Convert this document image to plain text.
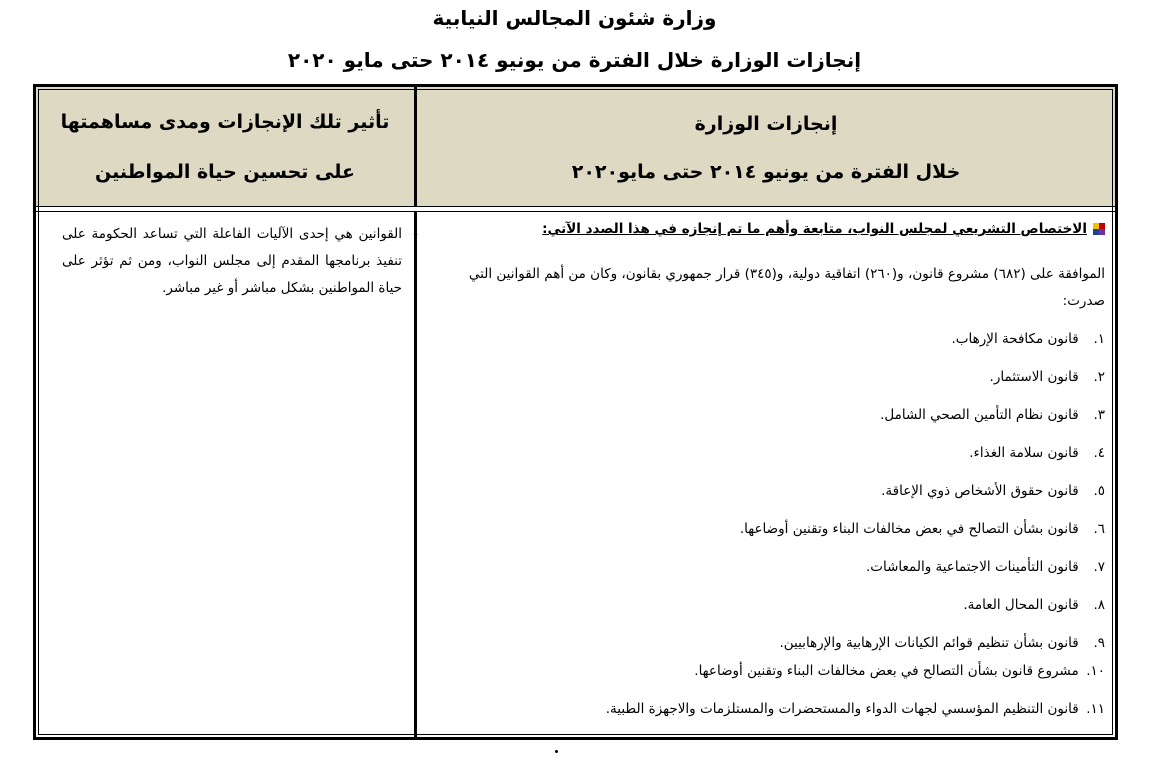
وزارة شئون المجالس النيابية
إنجازات الوزارة خلال الفترة من يونيو ٢٠١٤ حتى مايو ٢٠٢٠
إنجازات الوزارة
خلال الفترة من يونيو ٢٠١٤ حتى مايو٢٠٢٠
تأثير تلك الإنجازات ومدى مساهمتها
على تحسين حياة المواطنين
الاختصاص التشريعي لمجلس النواب، متابعة وأهم ما تم إنجازه في هذا الصدد الآتي:
الموافقة على (٦٨٢) مشروع قانون، و(٢٦٠) اتفاقية دولية، و(٣٤٥) قرار جمهوري بقانون، وكان من أهم القوانين التي صدرت:
١. قانون مكافحة الإرهاب.
٢. قانون الاستثمار.
٣. قانون نظام التأمين الصحي الشامل.
٤. قانون سلامة الغذاء.
٥. قانون حقوق الأشخاص ذوي الإعاقة.
٦. قانون بشأن التصالح في بعض مخالفات البناء وتقنين أوضاعها.
٧. قانون التأمينات الاجتماعية والمعاشات.
٨. قانون المحال العامة.
٩. قانون بشأن تنظيم قوائم الكيانات الإرهابية والإرهابيين.
١٠. مشروع قانون بشأن التصالح في بعض مخالفات البناء وتقنين أوضاعها.
١١. قانون التنظيم المؤسسي لجهات الدواء والمستحضرات والمستلزمات والاجهزة الطبية.
-
القوانين هي إحدى الآليات الفاعلة التي تساعد الحكومة على تنفيذ برنامجها المقدم إلى مجلس النواب، ومن ثم تؤثر على حياة المواطنين بشكل مباشر أو غير مباشر.
